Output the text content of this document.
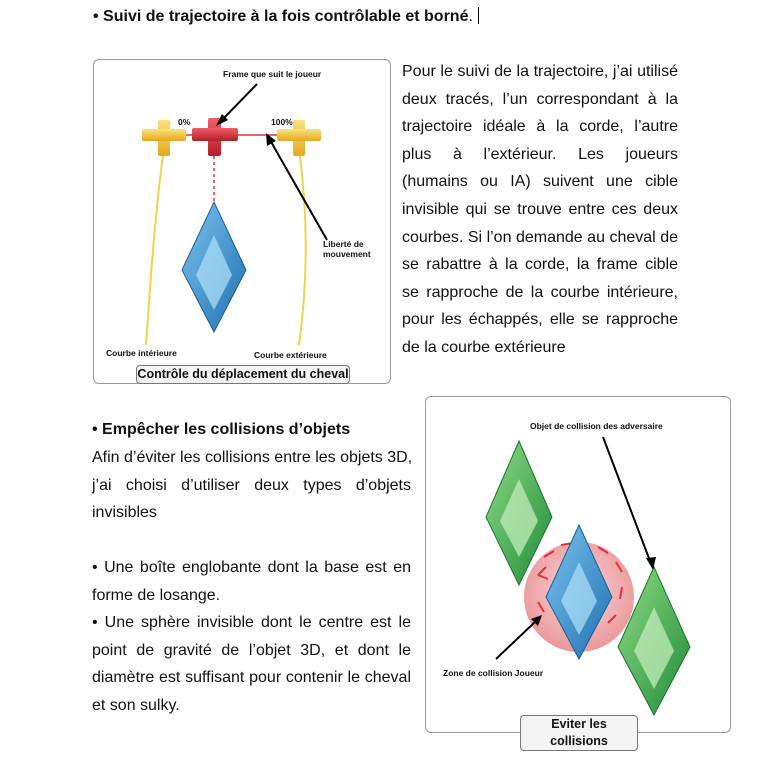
• Suivi de trajectoire à la fois contrôlable et borné.
Frame que suit le joueur
0%	100%
Liberté de
mouvement
Courbe intérieure	Courbe extérieure
Contrôle du déplacement du cheval
Pour le suivi de la trajectoire, j’ai utilisé
deux tracés, l’un correspondant à la
trajectoire idéale à la corde, l’autre
plus à l’extérieur. Les joueurs
(humains ou IA) suivent une cible
invisible qui se trouve entre ces deux
courbes. Si l’on demande au cheval de
se rabattre à la corde, la frame cible
se rapproche de la courbe intérieure,
pour les échappés, elle se rapproche
de la courbe extérieure
• Empêcher les collisions d’objets
Afin d’éviter les collisions entre les objets 3D,
j’ai choisi d’utiliser deux types d’objets
invisibles
• Une boîte englobante dont la base est en
forme de losange.
• Une sphère invisible dont le centre est le
point de gravité de l’objet 3D, et dont le
diamètre est suffisant pour contenir le cheval
et son sulky.
Objet de collision des adversaire
Zone de collision Joueur
Eviter les collisions
